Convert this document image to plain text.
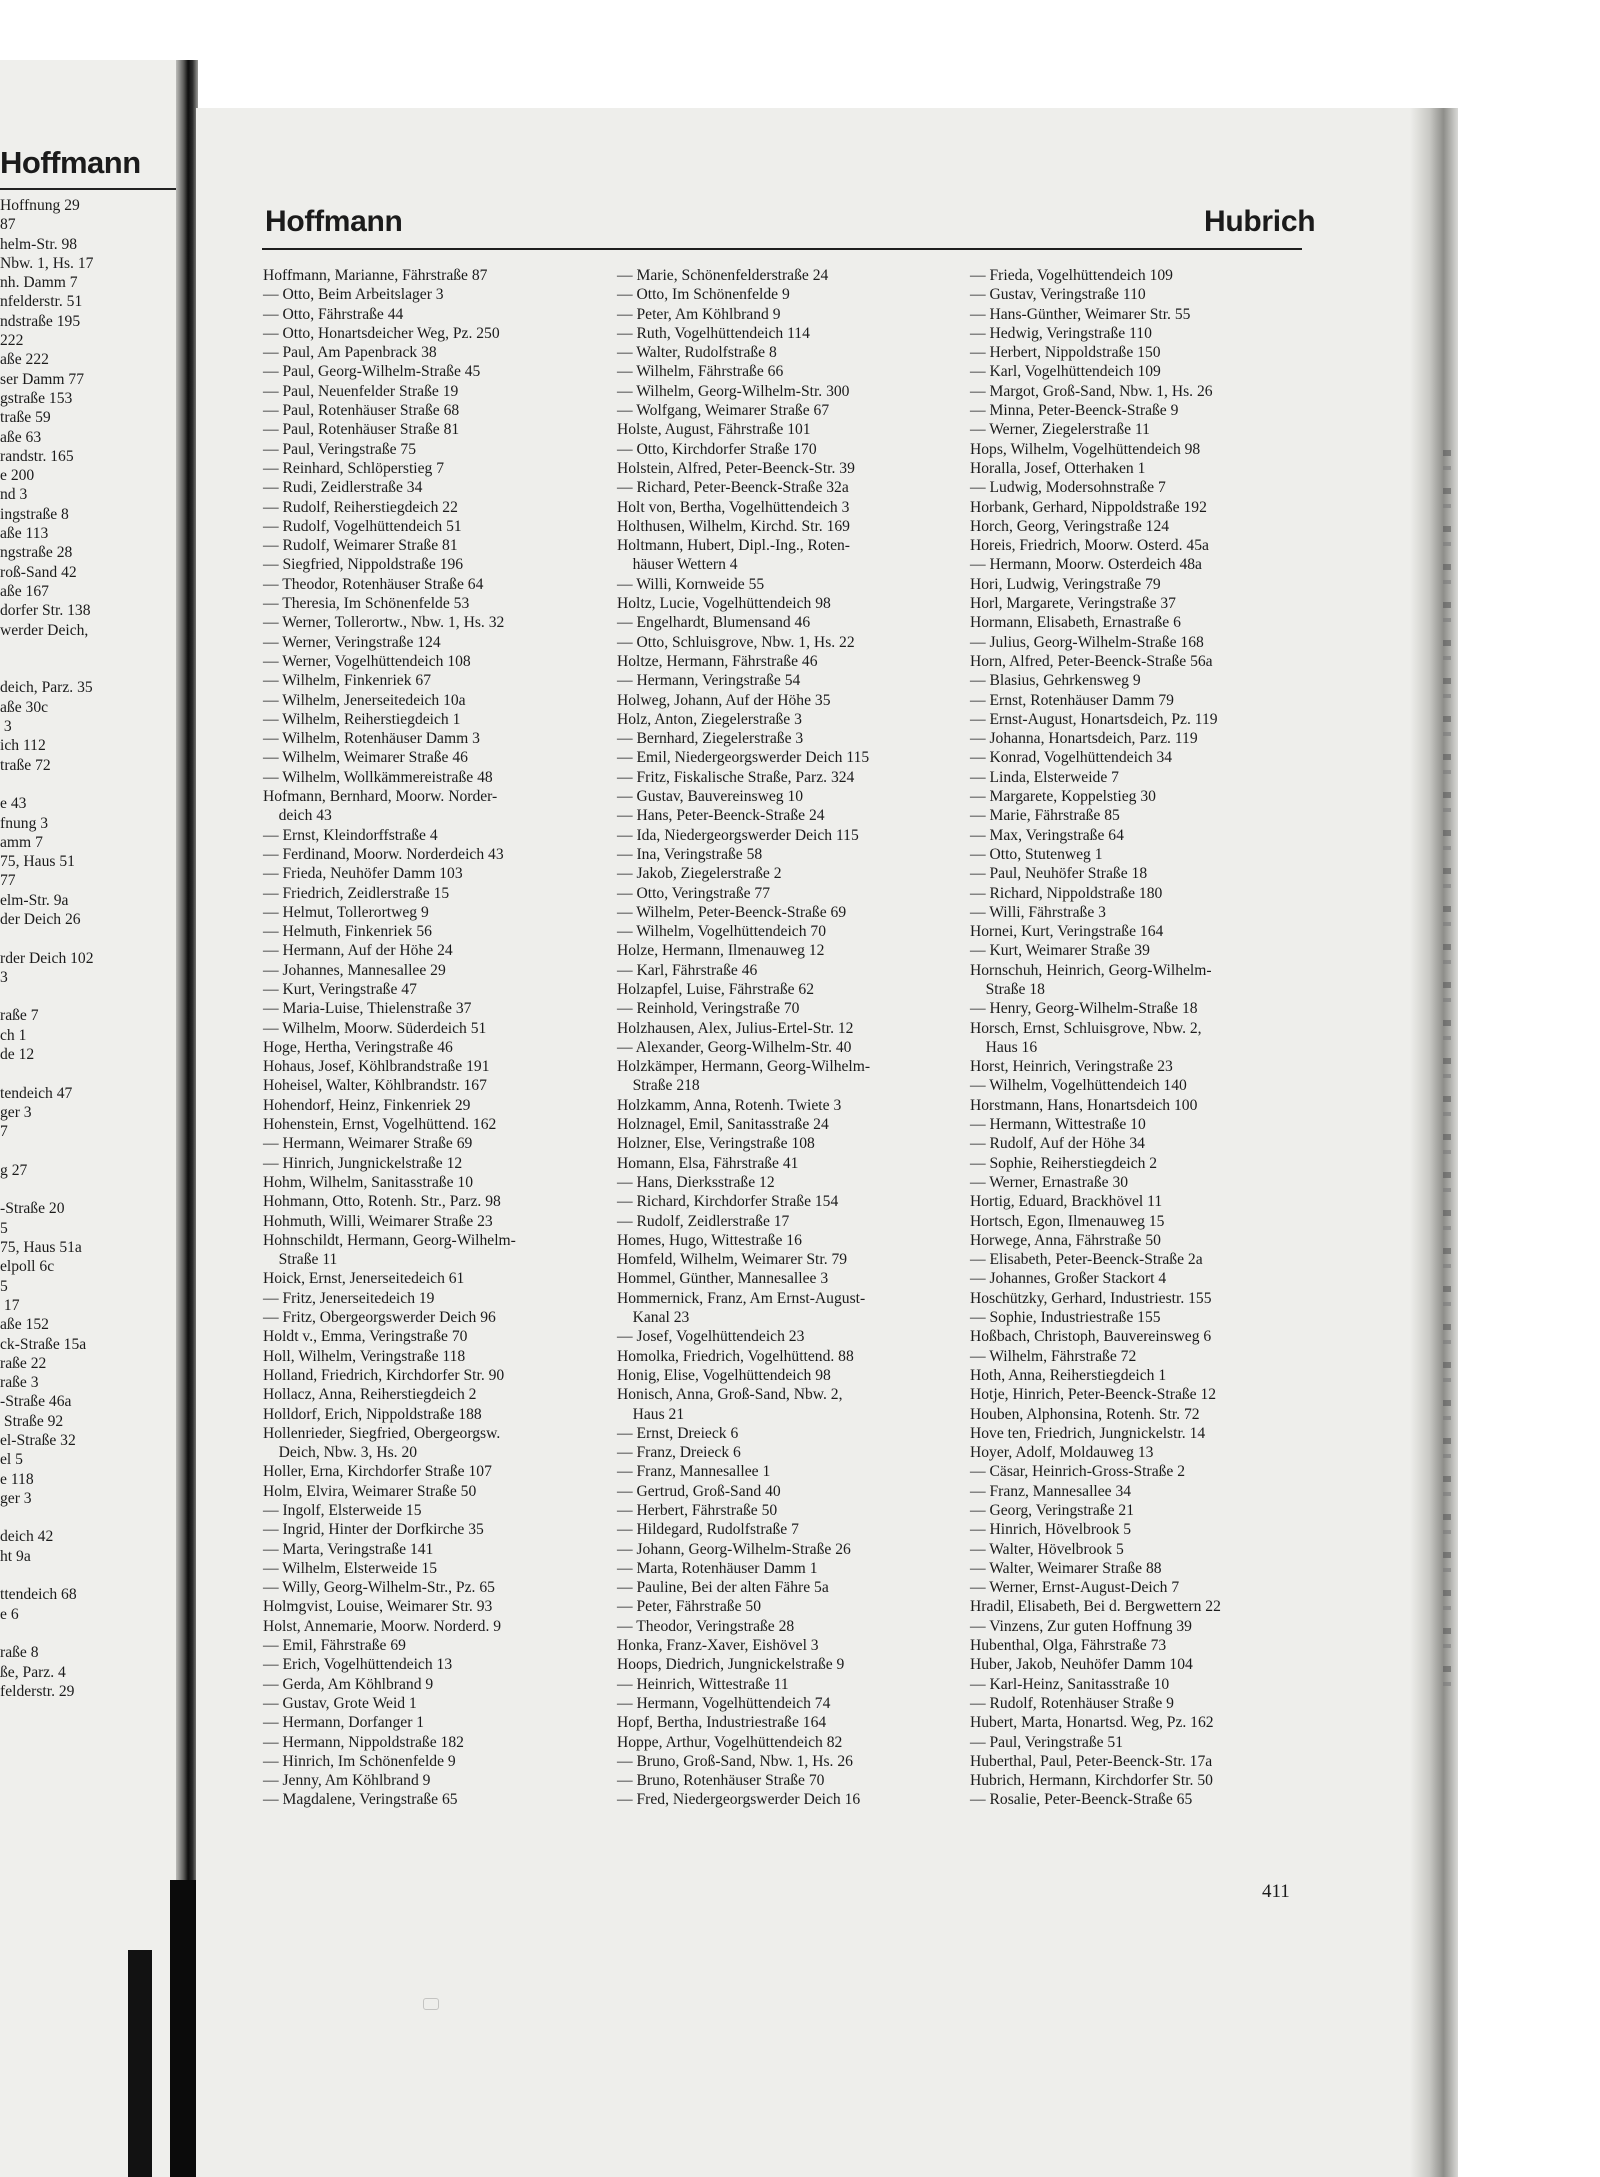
Hoffmann
Hoffnung 29
87
helm-Str. 98
Nbw. 1, Hs. 17
nh. Damm 7
nfelderstr. 51
ndstraße 195
222
aße 222
ser Damm 77
gstraße 153
traße 59
aße 63
randstr. 165
e 200
nd 3
ingstraße 8
aße 113
ngstraße 28
roß-Sand 42
aße 167
dorfer Str. 138
werder Deich,

deich, Parz. 35
aße 30c
3
ich 112
traße 72

e 43
fnung 3
amm 7
75, Haus 51
77
elm-Str. 9a
der Deich 26

rder Deich 102
3

raße 7
ch 1
de 12

tendeich 47
ger 3
7

g 27

-Straße 20
5
75, Haus 51a
elpoll 6c
5
17
aße 152
ck-Straße 15a
raße 22
raße 3
-Straße 46a
Straße 92
el-Straße 32
el 5
e 118
ger 3

deich 42
ht 9a

ttendeich 68
e 6

raße 8
ße, Parz. 4
felderstr. 29
Hoffmann	Hubrich
Hoffmann, Marianne, Fährstraße 87
— Otto, Beim Arbeitslager 3
— Otto, Fährstraße 44
— Otto, Honartsdeicher Weg, Pz. 250
— Paul, Am Papenbrack 38
— Paul, Georg-Wilhelm-Straße 45
— Paul, Neuenfelder Straße 19
— Paul, Rotenhäuser Straße 68
— Paul, Rotenhäuser Straße 81
— Paul, Veringstraße 75
— Reinhard, Schlöperstieg 7
— Rudi, Zeidlerstraße 34
— Rudolf, Reiherstiegdeich 22
— Rudolf, Vogelhüttendeich 51
— Rudolf, Weimarer Straße 81
— Siegfried, Nippoldstraße 196
— Theodor, Rotenhäuser Straße 64
— Theresia, Im Schönenfelde 53
— Werner, Tollerortw., Nbw. 1, Hs. 32
— Werner, Veringstraße 124
— Werner, Vogelhüttendeich 108
— Wilhelm, Finkenriek 67
— Wilhelm, Jenerseitedeich 10a
— Wilhelm, Reiherstiegdeich 1
— Wilhelm, Rotenhäuser Damm 3
— Wilhelm, Weimarer Straße 46
— Wilhelm, Wollkämmereistraße 48
Hofmann, Bernhard, Moorw. Norder-
deich 43
— Ernst, Kleindorffstraße 4
— Ferdinand, Moorw. Norderdeich 43
— Frieda, Neuhöfer Damm 103
— Friedrich, Zeidlerstraße 15
— Helmut, Tollerortweg 9
— Helmuth, Finkenriek 56
— Hermann, Auf der Höhe 24
— Johannes, Mannesallee 29
— Kurt, Veringstraße 47
— Maria-Luise, Thielenstraße 37
— Wilhelm, Moorw. Süderdeich 51
Hoge, Hertha, Veringstraße 46
Hohaus, Josef, Köhlbrandstraße 191
Hoheisel, Walter, Köhlbrandstr. 167
Hohendorf, Heinz, Finkenriek 29
Hohenstein, Ernst, Vogelhüttend. 162
— Hermann, Weimarer Straße 69
— Hinrich, Jungnickelstraße 12
Hohm, Wilhelm, Sanitasstraße 10
Hohmann, Otto, Rotenh. Str., Parz. 98
Hohmuth, Willi, Weimarer Straße 23
Hohnschildt, Hermann, Georg-Wilhelm-
Straße 11
Hoick, Ernst, Jenerseitedeich 61
— Fritz, Jenerseitedeich 19
— Fritz, Obergeorgswerder Deich 96
Holdt v., Emma, Veringstraße 70
Holl, Wilhelm, Veringstraße 118
Holland, Friedrich, Kirchdorfer Str. 90
Hollacz, Anna, Reiherstiegdeich 2
Holldorf, Erich, Nippoldstraße 188
Hollenrieder, Siegfried, Obergeorgsw.
Deich, Nbw. 3, Hs. 20
Holler, Erna, Kirchdorfer Straße 107
Holm, Elvira, Weimarer Straße 50
— Ingolf, Elsterweide 15
— Ingrid, Hinter der Dorfkirche 35
— Marta, Veringstraße 141
— Wilhelm, Elsterweide 15
— Willy, Georg-Wilhelm-Str., Pz. 65
Holmgvist, Louise, Weimarer Str. 93
Holst, Annemarie, Moorw. Norderd. 9
— Emil, Fährstraße 69
— Erich, Vogelhüttendeich 13
— Gerda, Am Köhlbrand 9
— Gustav, Grote Weid 1
— Hermann, Dorfanger 1
— Hermann, Nippoldstraße 182
— Hinrich, Im Schönenfelde 9
— Jenny, Am Köhlbrand 9
— Magdalene, Veringstraße 65
— Marie, Schönenfelderstraße 24
— Otto, Im Schönenfelde 9
— Peter, Am Köhlbrand 9
— Ruth, Vogelhüttendeich 114
— Walter, Rudolfstraße 8
— Wilhelm, Fährstraße 66
— Wilhelm, Georg-Wilhelm-Str. 300
— Wolfgang, Weimarer Straße 67
Holste, August, Fährstraße 101
— Otto, Kirchdorfer Straße 170
Holstein, Alfred, Peter-Beenck-Str. 39
— Richard, Peter-Beenck-Straße 32a
Holt von, Bertha, Vogelhüttendeich 3
Holthusen, Wilhelm, Kirchd. Str. 169
Holtmann, Hubert, Dipl.-Ing., Roten-
häuser Wettern 4
— Willi, Kornweide 55
Holtz, Lucie, Vogelhüttendeich 98
— Engelhardt, Blumensand 46
— Otto, Schluisgrove, Nbw. 1, Hs. 22
Holtze, Hermann, Fährstraße 46
— Hermann, Veringstraße 54
Holweg, Johann, Auf der Höhe 35
Holz, Anton, Ziegelerstraße 3
— Bernhard, Ziegelerstraße 3
— Emil, Niedergeorgswerder Deich 115
— Fritz, Fiskalische Straße, Parz. 324
— Gustav, Bauvereinsweg 10
— Hans, Peter-Beenck-Straße 24
— Ida, Niedergeorgswerder Deich 115
— Ina, Veringstraße 58
— Jakob, Ziegelerstraße 2
— Otto, Veringstraße 77
— Wilhelm, Peter-Beenck-Straße 69
— Wilhelm, Vogelhüttendeich 70
Holze, Hermann, Ilmenauweg 12
— Karl, Fährstraße 46
Holzapfel, Luise, Fährstraße 62
— Reinhold, Veringstraße 70
Holzhausen, Alex, Julius-Ertel-Str. 12
— Alexander, Georg-Wilhelm-Str. 40
Holzkämper, Hermann, Georg-Wilhelm-
Straße 218
Holzkamm, Anna, Rotenh. Twiete 3
Holznagel, Emil, Sanitasstraße 24
Holzner, Else, Veringstraße 108
Homann, Elsa, Fährstraße 41
— Hans, Dierksstraße 12
— Richard, Kirchdorfer Straße 154
— Rudolf, Zeidlerstraße 17
Homes, Hugo, Wittestraße 16
Homfeld, Wilhelm, Weimarer Str. 79
Hommel, Günther, Mannesallee 3
Hommernick, Franz, Am Ernst-August-
Kanal 23
— Josef, Vogelhüttendeich 23
Homolka, Friedrich, Vogelhüttend. 88
Honig, Elise, Vogelhüttendeich 98
Honisch, Anna, Groß-Sand, Nbw. 2,
Haus 21
— Ernst, Dreieck 6
— Franz, Dreieck 6
— Franz, Mannesallee 1
— Gertrud, Groß-Sand 40
— Herbert, Fährstraße 50
— Hildegard, Rudolfstraße 7
— Johann, Georg-Wilhelm-Straße 26
— Marta, Rotenhäuser Damm 1
— Pauline, Bei der alten Fähre 5a
— Peter, Fährstraße 50
— Theodor, Veringstraße 28
Honka, Franz-Xaver, Eishövel 3
Hoops, Diedrich, Jungnickelstraße 9
— Heinrich, Wittestraße 11
— Hermann, Vogelhüttendeich 74
Hopf, Bertha, Industriestraße 164
Hoppe, Arthur, Vogelhüttendeich 82
— Bruno, Groß-Sand, Nbw. 1, Hs. 26
— Bruno, Rotenhäuser Straße 70
— Fred, Niedergeorgswerder Deich 16
— Frieda, Vogelhüttendeich 109
— Gustav, Veringstraße 110
— Hans-Günther, Weimarer Str. 55
— Hedwig, Veringstraße 110
— Herbert, Nippoldstraße 150
— Karl, Vogelhüttendeich 109
— Margot, Groß-Sand, Nbw. 1, Hs. 26
— Minna, Peter-Beenck-Straße 9
— Werner, Ziegelerstraße 11
Hops, Wilhelm, Vogelhüttendeich 98
Horalla, Josef, Otterhaken 1
— Ludwig, Modersohnstraße 7
Horbank, Gerhard, Nippoldstraße 192
Horch, Georg, Veringstraße 124
Horeis, Friedrich, Moorw. Osterd. 45a
— Hermann, Moorw. Osterdeich 48a
Hori, Ludwig, Veringstraße 79
Horl, Margarete, Veringstraße 37
Hormann, Elisabeth, Ernastraße 6
— Julius, Georg-Wilhelm-Straße 168
Horn, Alfred, Peter-Beenck-Straße 56a
— Blasius, Gehrkensweg 9
— Ernst, Rotenhäuser Damm 79
— Ernst-August, Honartsdeich, Pz. 119
— Johanna, Honartsdeich, Parz. 119
— Konrad, Vogelhüttendeich 34
— Linda, Elsterweide 7
— Margarete, Koppelstieg 30
— Marie, Fährstraße 85
— Max, Veringstraße 64
— Otto, Stutenweg 1
— Paul, Neuhöfer Straße 18
— Richard, Nippoldstraße 180
— Willi, Fährstraße 3
Hornei, Kurt, Veringstraße 164
— Kurt, Weimarer Straße 39
Hornschuh, Heinrich, Georg-Wilhelm-
Straße 18
— Henry, Georg-Wilhelm-Straße 18
Horsch, Ernst, Schluisgrove, Nbw. 2,
Haus 16
Horst, Heinrich, Veringstraße 23
— Wilhelm, Vogelhüttendeich 140
Horstmann, Hans, Honartsdeich 100
— Hermann, Wittestraße 10
— Rudolf, Auf der Höhe 34
— Sophie, Reiherstiegdeich 2
— Werner, Ernastraße 30
Hortig, Eduard, Brackhövel 11
Hortsch, Egon, Ilmenauweg 15
Horwege, Anna, Fährstraße 50
— Elisabeth, Peter-Beenck-Straße 2a
— Johannes, Großer Stackort 4
Hoschützky, Gerhard, Industriestr. 155
— Sophie, Industriestraße 155
Hoßbach, Christoph, Bauvereinsweg 6
— Wilhelm, Fährstraße 72
Hoth, Anna, Reiherstiegdeich 1
Hotje, Hinrich, Peter-Beenck-Straße 12
Houben, Alphonsina, Rotenh. Str. 72
Hove ten, Friedrich, Jungnickelstr. 14
Hoyer, Adolf, Moldauweg 13
— Cäsar, Heinrich-Gross-Straße 2
— Franz, Mannesallee 34
— Georg, Veringstraße 21
— Hinrich, Hövelbrook 5
— Walter, Hövelbrook 5
— Walter, Weimarer Straße 88
— Werner, Ernst-August-Deich 7
Hradil, Elisabeth, Bei d. Bergwettern 22
— Vinzens, Zur guten Hoffnung 39
Hubenthal, Olga, Fährstraße 73
Huber, Jakob, Neuhöfer Damm 104
— Karl-Heinz, Sanitasstraße 10
— Rudolf, Rotenhäuser Straße 9
Hubert, Marta, Honartsd. Weg, Pz. 162
— Paul, Veringstraße 51
Huberthal, Paul, Peter-Beenck-Str. 17a
Hubrich, Hermann, Kirchdorfer Str. 50
— Rosalie, Peter-Beenck-Straße 65
411
